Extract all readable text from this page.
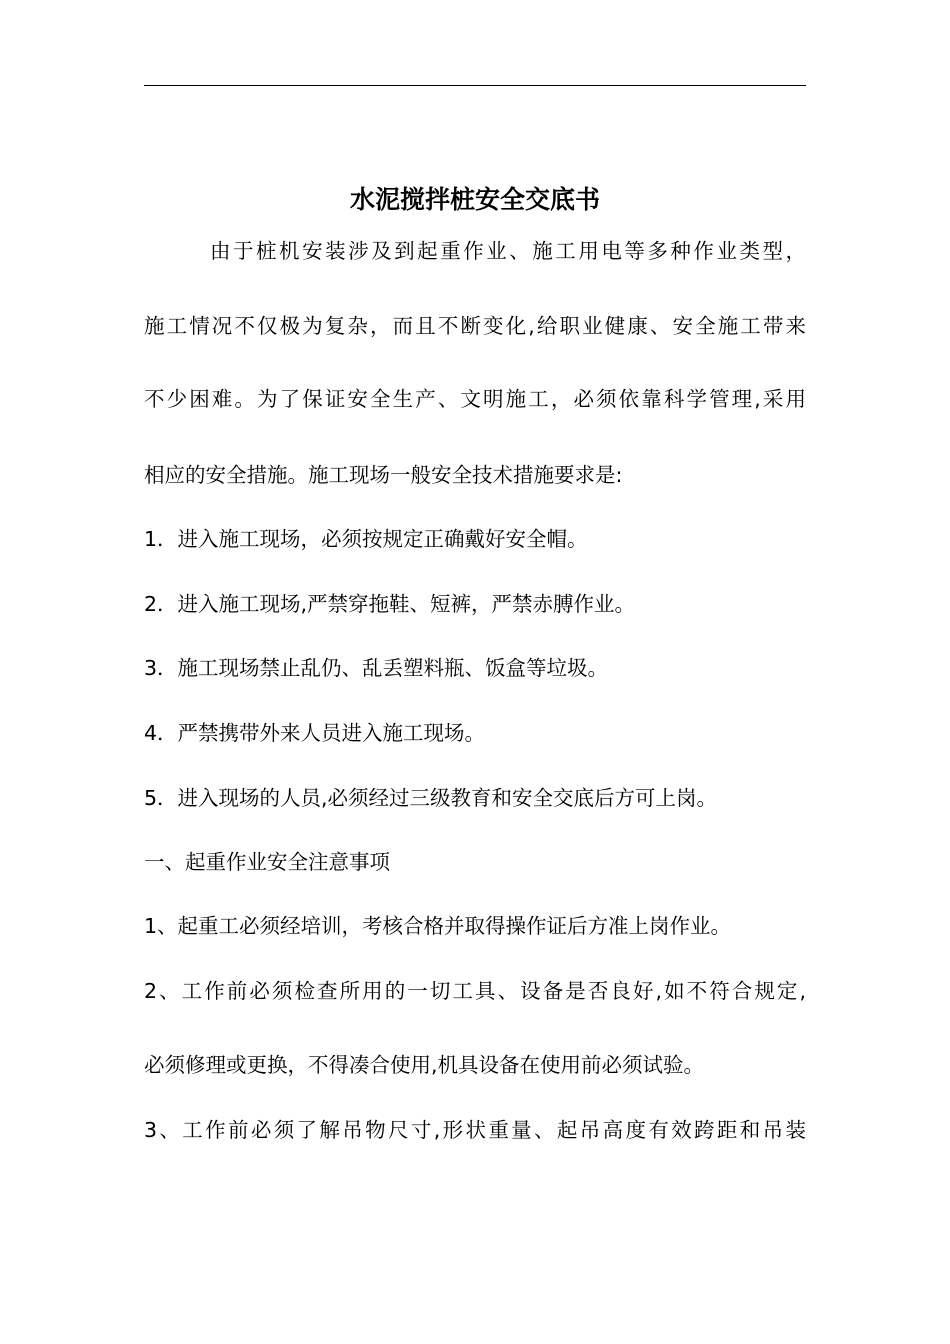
水泥搅拌桩安全交底书
由于桩机安装涉及到起重作业、施工用电等多种作业类型，
施工情况不仅极为复杂，而且不断变化,给职业健康、安全施工带来
不少困难。为了保证安全生产、文明施工，必须依靠科学管理,采用
相应的安全措施。施工现场一般安全技术措施要求是:
1．进入施工现场，必须按规定正确戴好安全帽。
2．进入施工现场,严禁穿拖鞋、短裤，严禁赤膊作业。
3．施工现场禁止乱仍、乱丢塑料瓶、饭盒等垃圾。
4．严禁携带外来人员进入施工现场。
5．进入现场的人员,必须经过三级教育和安全交底后方可上岗。
一、起重作业安全注意事项
1、起重工必须经培训，考核合格并取得操作证后方准上岗作业。
2、工作前必须检查所用的一切工具、设备是否良好,如不符合规定,
必须修理或更换，不得凑合使用,机具设备在使用前必须试验。
3、工作前必须了解吊物尺寸,形状重量、起吊高度有效跨距和吊装
